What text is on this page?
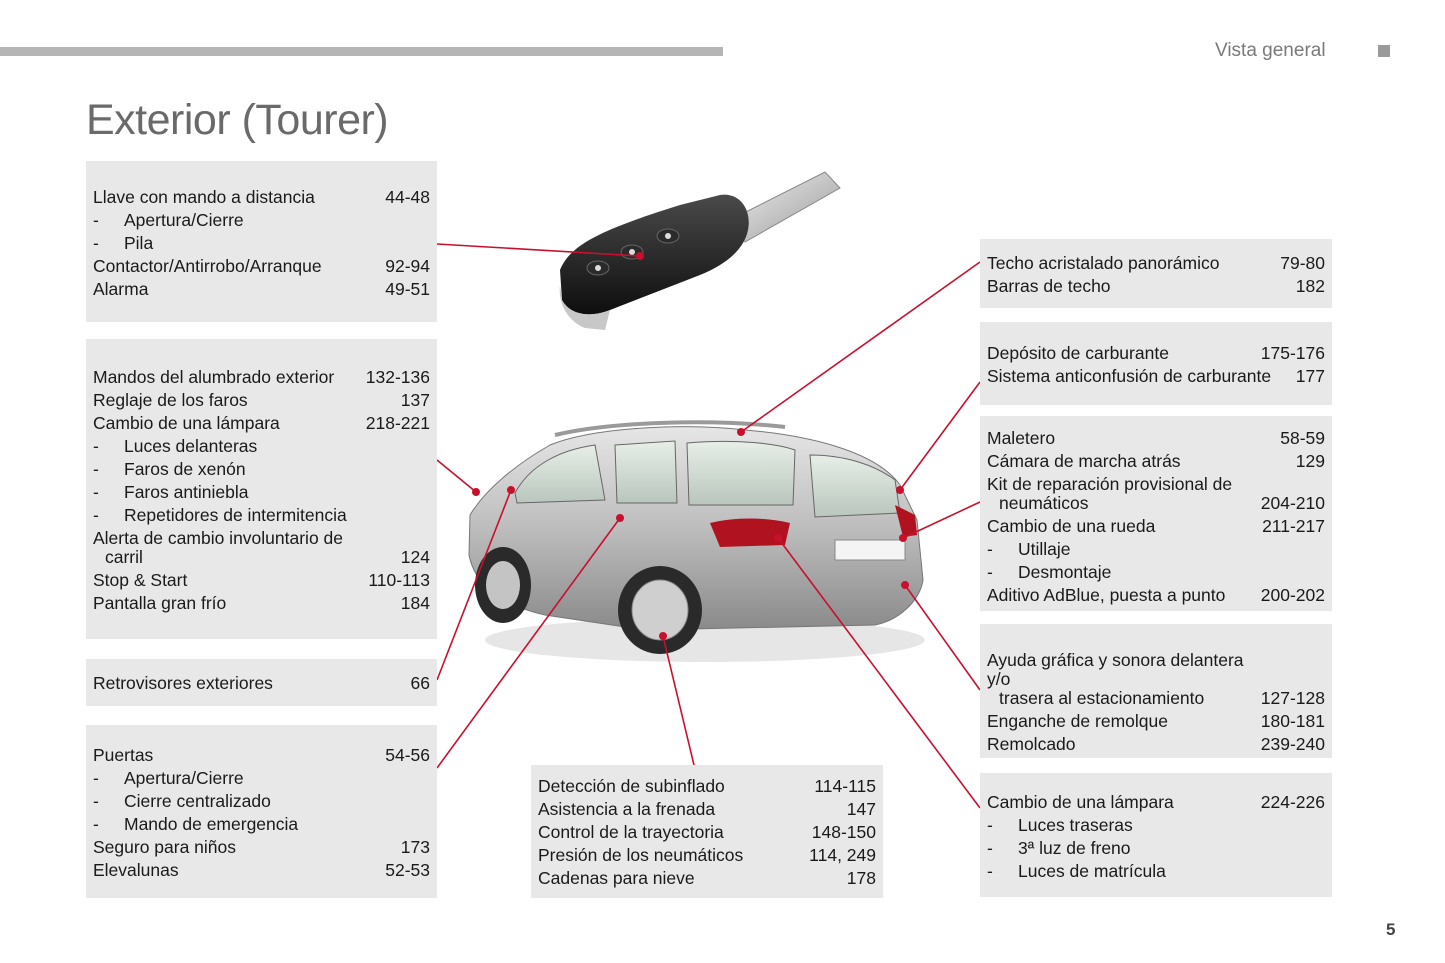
Vista general
Exterior (Tourer)
Llave con mando a distancia	44-48
- Apertura/Cierre
- Pila
Contactor/Antirrobo/Arranque	92-94
Alarma	49-51
Mandos del alumbrado exterior	132-136
Reglaje de los faros	137
Cambio de una lámpara	218-221
- Luces delanteras
- Faros de xenón
- Faros antiniebla
- Repetidores de intermitencia
Alerta de cambio involuntario de
carril	124
Stop & Start	110-113
Pantalla gran frío	184
Retrovisores exteriores	66
Puertas	54-56
- Apertura/Cierre
- Cierre centralizado
- Mando de emergencia
Seguro para niños	173
Elevalunas	52-53
Detección de subinflado	114-115
Asistencia a la frenada	147
Control de la trayectoria	148-150
Presión de los neumáticos	114, 249
Cadenas para nieve	178
Techo acristalado panorámico	79-80
Barras de techo	182
Depósito de carburante	175-176
Sistema anticonfusión de carburante	177
Maletero	58-59
Cámara de marcha atrás	129
Kit de reparación provisional de
neumáticos	204-210
Cambio de una rueda	211-217
- Utillaje
- Desmontaje
Aditivo AdBlue, puesta a punto	200-202
Ayuda gráfica y sonora delantera y/o
trasera al estacionamiento	127-128
Enganche de remolque	180-181
Remolcado	239-240
Cambio de una lámpara	224-226
- Luces traseras
- 3ª luz de freno
- Luces de matrícula
5
